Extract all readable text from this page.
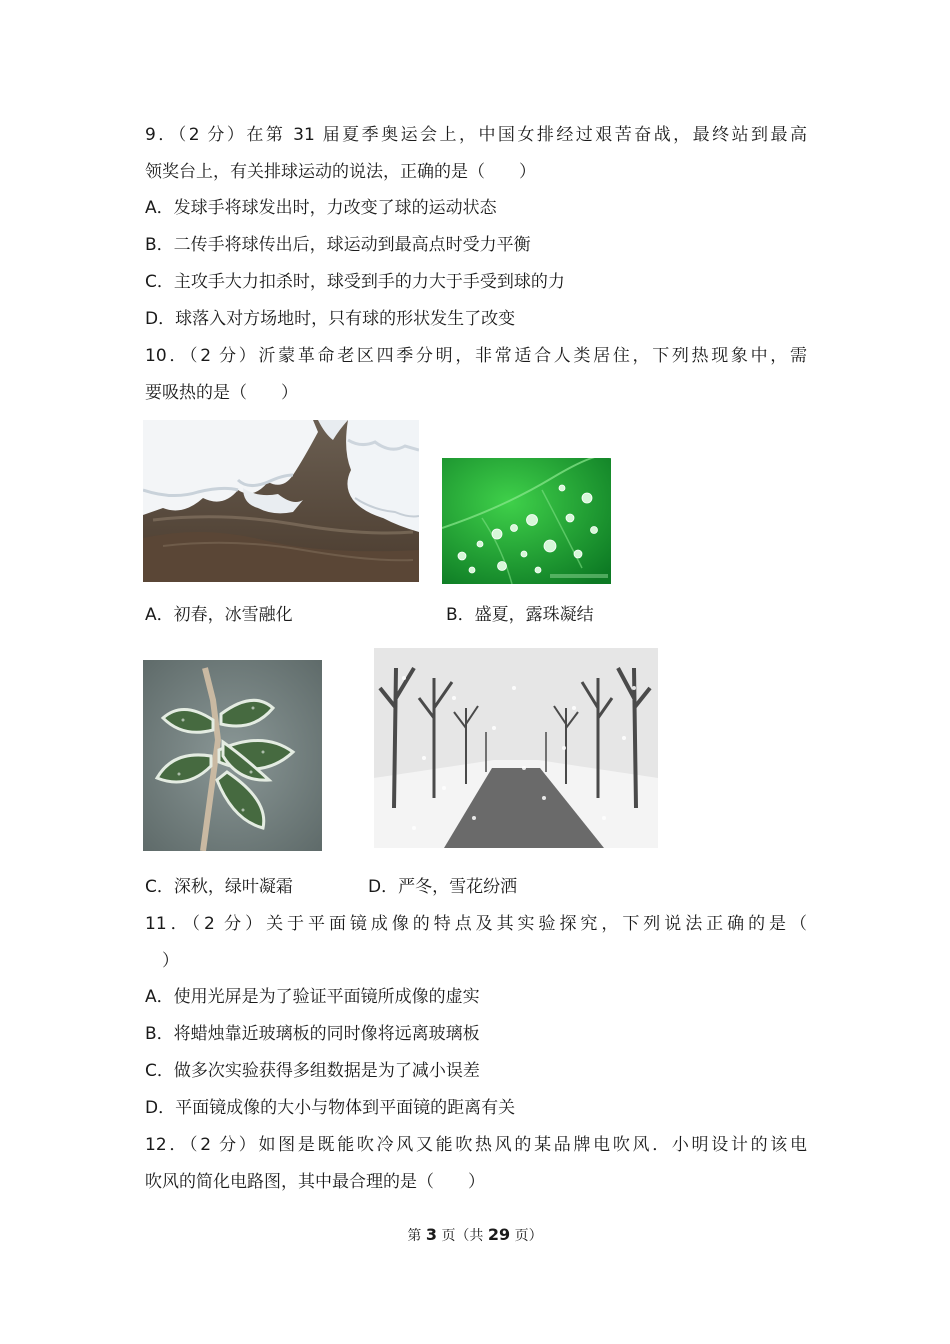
9．（2 分）在第 31 届夏季奥运会上，中国女排经过艰苦奋战，最终站到最高
领奖台上，有关排球运动的说法，正确的是（　　）
A．发球手将球发出时，力改变了球的运动状态
B．二传手将球传出后，球运动到最高点时受力平衡
C．主攻手大力扣杀时，球受到手的力大于手受到球的力
D．球落入对方场地时，只有球的形状发生了改变
10．（2 分）沂蒙革命老区四季分明，非常适合人类居住，下列热现象中，需
要吸热的是（　　）
A．初春，冰雪融化	B．盛夏，露珠凝结
C．深秋，绿叶凝霜	D．严冬，雪花纷洒
11．（2 分）关于平面镜成像的特点及其实验探究，下列说法正确的是（
）
A．使用光屏是为了验证平面镜所成像的虚实
B．将蜡烛靠近玻璃板的同时像将远离玻璃板
C．做多次实验获得多组数据是为了减小误差
D．平面镜成像的大小与物体到平面镜的距离有关
12．（2 分）如图是既能吹冷风又能吹热风的某品牌电吹风．小明设计的该电
吹风的简化电路图，其中最合理的是（　　）
第 3 页（共 29 页）
